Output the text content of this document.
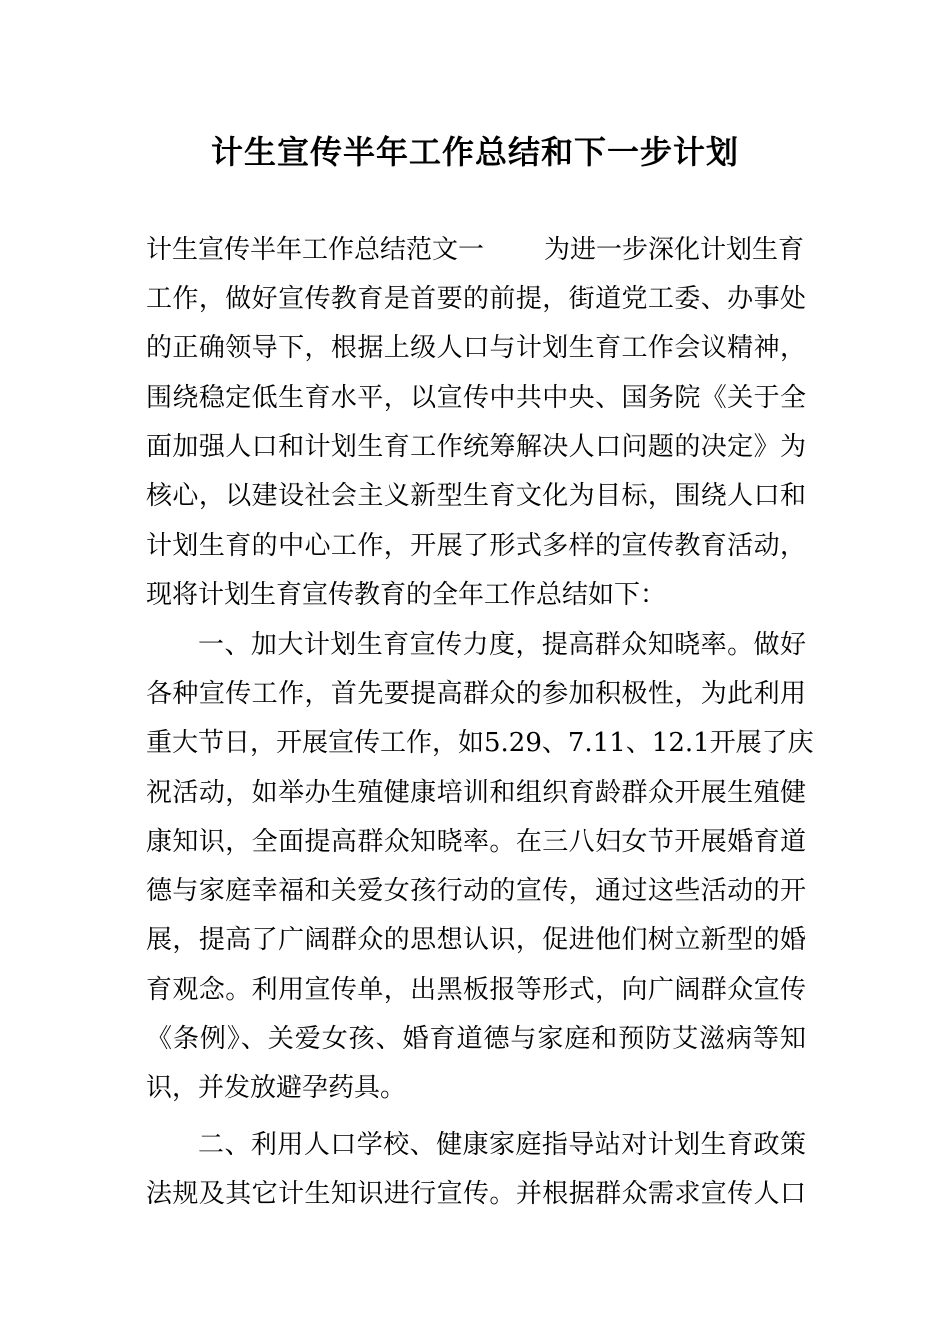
计生宣传半年工作总结和下一步计划
计生宣传半年工作总结范文一 为进一步深化计划生育
工作，做好宣传教育是首要的前提，街道党工委、办事处
的正确领导下，根据上级人口与计划生育工作会议精神，
围绕稳定低生育水平，以宣传中共中央、国务院《关于全
面加强人口和计划生育工作统筹解决人口问题的决定》为
核心，以建设社会主义新型生育文化为目标，围绕人口和
计划生育的中心工作，开展了形式多样的宣传教育活动，
现将计划生育宣传教育的全年工作总结如下：
一、加大计划生育宣传力度，提高群众知晓率。做好
各种宣传工作，首先要提高群众的参加积极性，为此利用
重大节日，开展宣传工作，如5.29、7.11、12.1开展了庆
祝活动，如举办生殖健康培训和组织育龄群众开展生殖健
康知识，全面提高群众知晓率。在三八妇女节开展婚育道
德与家庭幸福和关爱女孩行动的宣传，通过这些活动的开
展，提高了广阔群众的思想认识，促进他们树立新型的婚
育观念。利用宣传单，出黑板报等形式，向广阔群众宣传
《条例》、关爱女孩、婚育道德与家庭和预防艾滋病等知
识，并发放避孕药具。
二、利用人口学校、健康家庭指导站对计划生育政策
法规及其它计生知识进行宣传。并根据群众需求宣传人口
